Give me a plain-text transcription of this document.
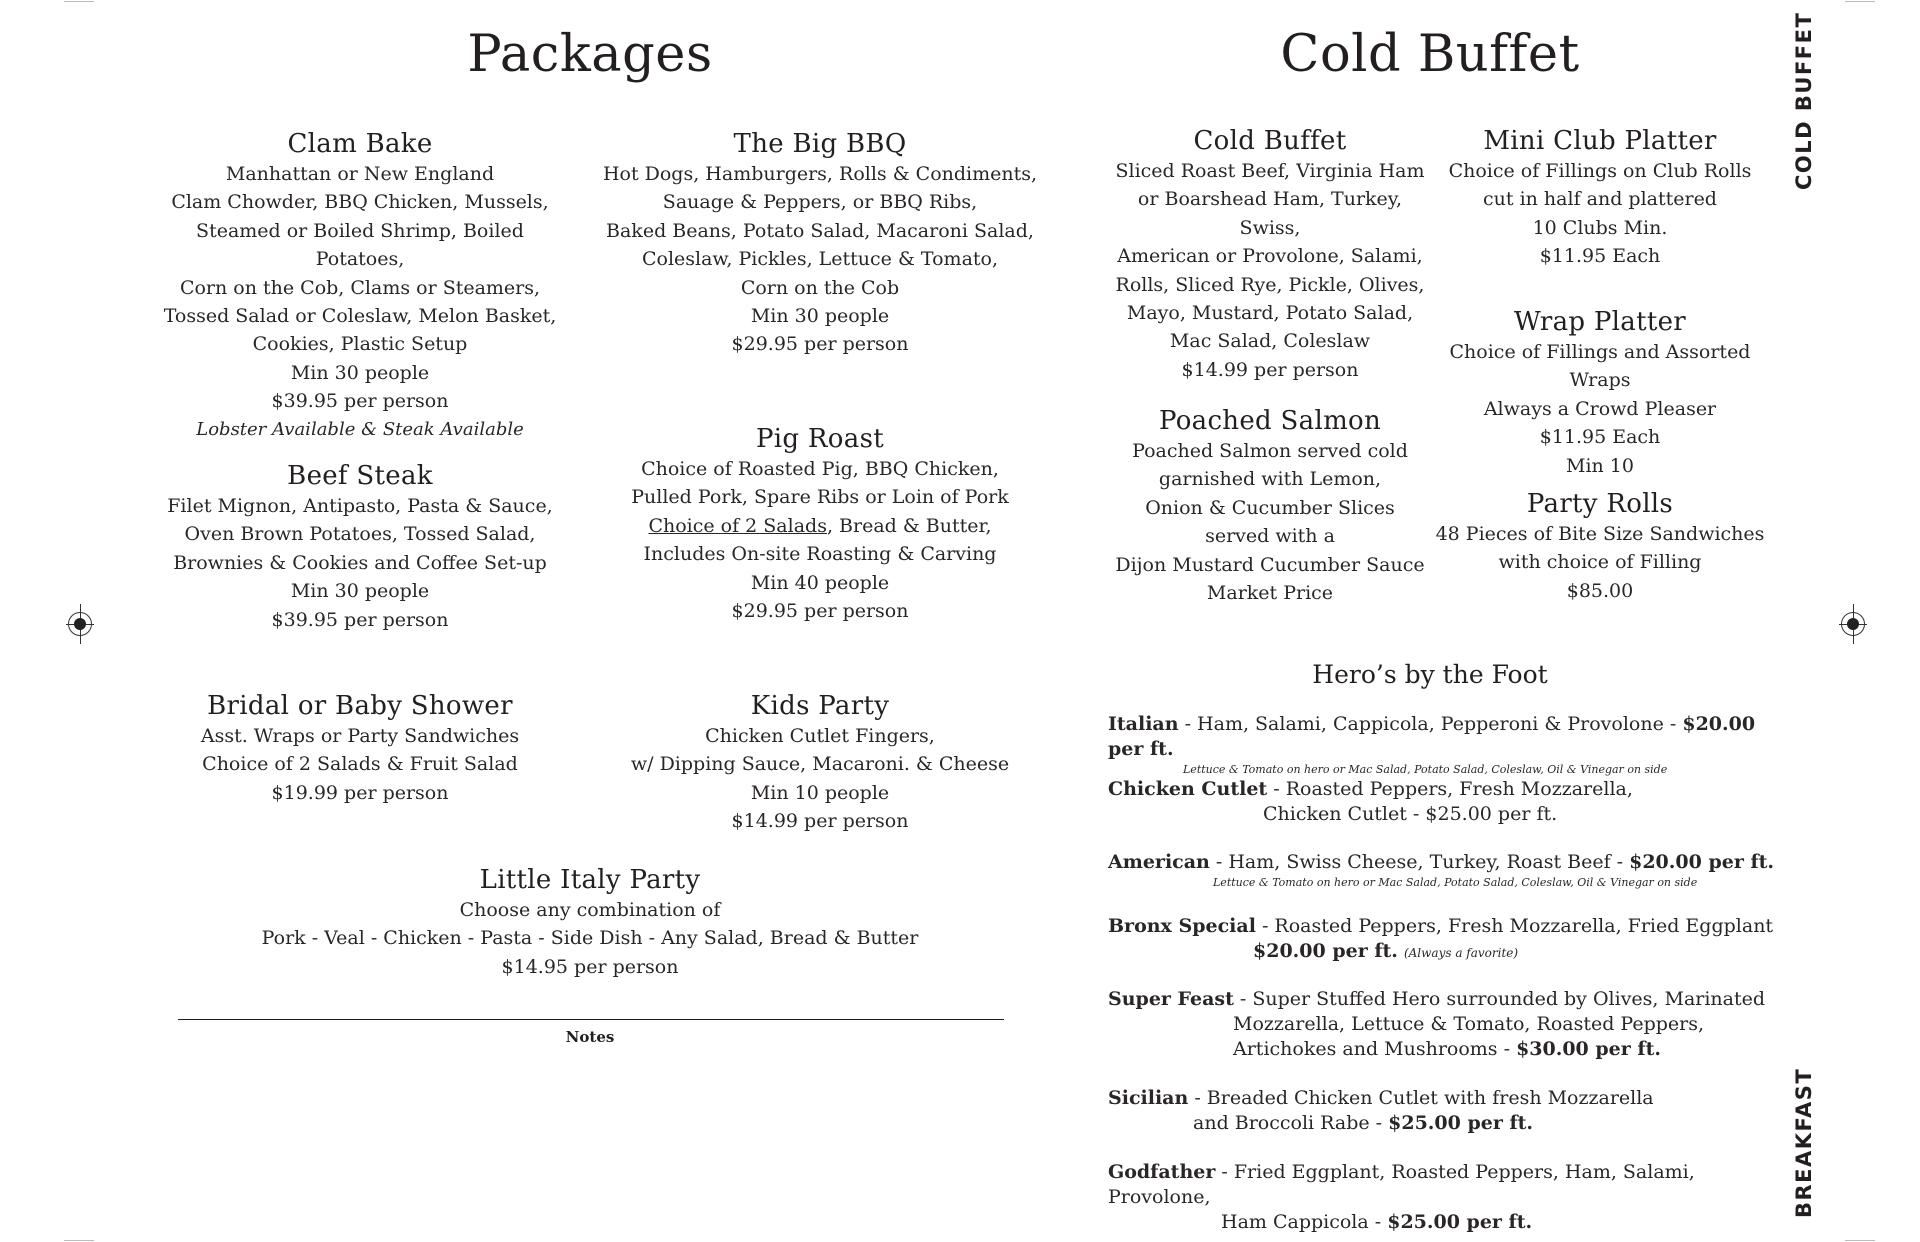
Packages	Cold Buffet
Clam Bake
Manhattan or New England
Clam Chowder, BBQ Chicken, Mussels,
Steamed or Boiled Shrimp, Boiled Potatoes,
Corn on the Cob, Clams or Steamers,
Tossed Salad or Coleslaw, Melon Basket,
Cookies, Plastic Setup
Min 30 people
$39.95 per person
Lobster Available & Steak Available
Beef Steak
Filet Mignon, Antipasto, Pasta & Sauce,
Oven Brown Potatoes, Tossed Salad,
Brownies & Cookies and Coffee Set-up
Min 30 people
$39.95 per person
Bridal or Baby Shower
Asst. Wraps or Party Sandwiches
Choice of 2 Salads & Fruit Salad
$19.99 per person
The Big BBQ
Hot Dogs, Hamburgers, Rolls & Condiments,
Sauage & Peppers, or BBQ Ribs,
Baked Beans, Potato Salad, Macaroni Salad,
Coleslaw, Pickles, Lettuce & Tomato,
Corn on the Cob
Min 30 people
$29.95 per person
Pig Roast
Choice of Roasted Pig, BBQ Chicken,
Pulled Pork, Spare Ribs or Loin of Pork
Choice of 2 Salads, Bread & Butter,
Includes On-site Roasting & Carving
Min 40 people
$29.95 per person
Kids Party
Chicken Cutlet Fingers,
w/ Dipping Sauce, Macaroni. & Cheese
Min 10 people
$14.99 per person
Little Italy Party
Choose any combination of
Pork - Veal - Chicken - Pasta - Side Dish - Any Salad, Bread & Butter
$14.95 per person
Notes
Cold Buffet
Sliced Roast Beef, Virginia Ham
or Boarshead Ham, Turkey, Swiss,
American or Provolone, Salami,
Rolls, Sliced Rye, Pickle, Olives,
Mayo, Mustard, Potato Salad,
Mac Salad, Coleslaw
$14.99 per person
Poached Salmon
Poached Salmon served cold
garnished with Lemon,
Onion & Cucumber Slices
served with a
Dijon Mustard Cucumber Sauce
Market Price
Mini Club Platter
Choice of Fillings on Club Rolls
cut in half and plattered
10 Clubs Min.
$11.95 Each
Wrap Platter
Choice of Fillings and Assorted Wraps
Always a Crowd Pleaser
$11.95 Each
Min 10
Party Rolls
48 Pieces of Bite Size Sandwiches
with choice of Filling
$85.00
Hero’s by the Foot
Italian - Ham, Salami, Cappicola, Pepperoni & Provolone - $20.00 per ft.
Lettuce & Tomato on hero or Mac Salad, Potato Salad, Coleslaw, Oil & Vinegar on side
Chicken Cutlet - Roasted Peppers, Fresh Mozzarella,
Chicken Cutlet - $25.00 per ft.
American - Ham, Swiss Cheese, Turkey, Roast Beef - $20.00 per ft.
Lettuce & Tomato on hero or Mac Salad, Potato Salad, Coleslaw, Oil & Vinegar on side
Bronx Special - Roasted Peppers, Fresh Mozzarella, Fried Eggplant
$20.00 per ft. (Always a favorite)
Super Feast - Super Stuffed Hero surrounded by Olives, Marinated
Mozzarella, Lettuce & Tomato, Roasted Peppers,
Artichokes and Mushrooms - $30.00 per ft.
Sicilian - Breaded Chicken Cutlet with fresh Mozzarella
and Broccoli Rabe - $25.00 per ft.
Godfather - Fried Eggplant, Roasted Peppers, Ham, Salami, Provolone,
Ham Cappicola - $25.00 per ft.
COLD BUFFET
BREAKFAST
